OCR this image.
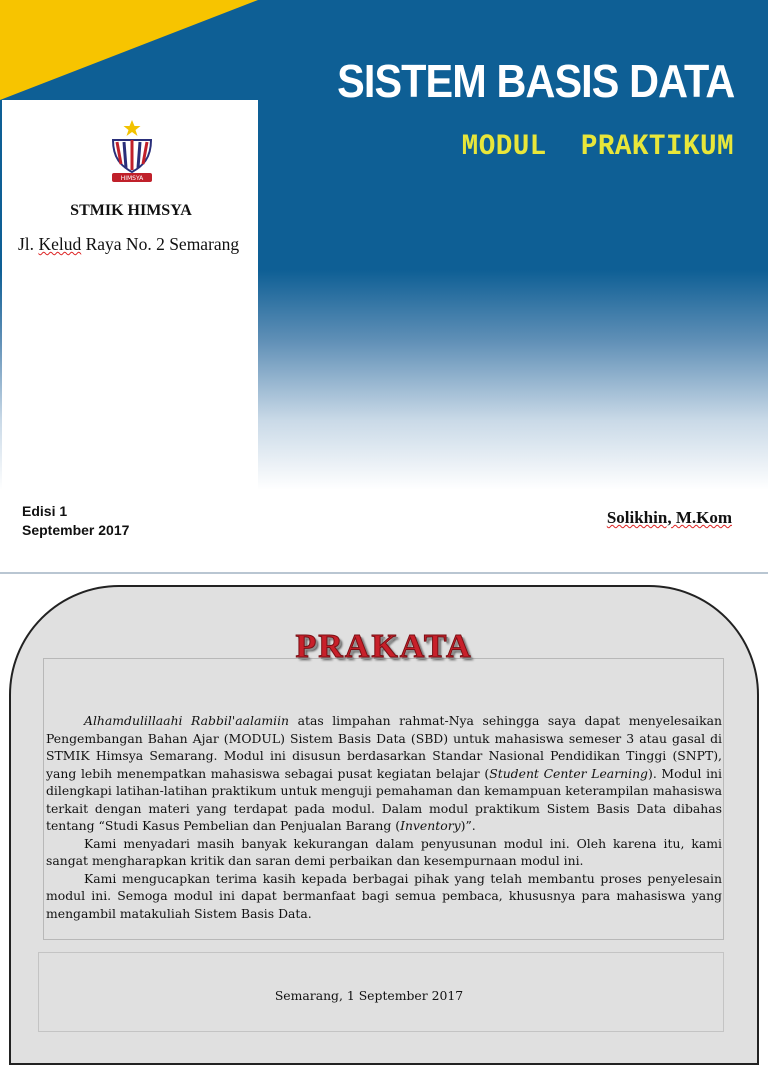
HIMSYA
STMIK HIMSYA
Jl. Kelud Raya No. 2 Semarang
SISTEM BASIS DATA
MODUL  PRAKTIKUM
Edisi 1
September 2017
Solikhin, M.Kom
PRAKATA

Alhamdulillaahi Rabbil'aalamiin atas limpahan rahmat-Nya sehingga saya dapat menyelesaikan Pengembangan Bahan Ajar (MODUL) Sistem Basis Data (SBD) untuk mahasiswa semeser 3 atau gasal di STMIK Himsya Semarang. Modul ini disusun berdasarkan Standar Nasional Pendidikan Tinggi (SNPT), yang lebih menempatkan mahasiswa sebagai pusat kegiatan belajar (Student Center Learning). Modul ini dilengkapi latihan-latihan praktikum untuk menguji pemahaman dan kemampuan keterampilan mahasiswa terkait dengan materi yang terdapat pada modul. Dalam modul praktikum Sistem Basis Data dibahas tentang “Studi Kasus Pembelian dan Penjualan Barang (Inventory)”.

Kami menyadari masih banyak kekurangan dalam penyusunan modul ini. Oleh karena itu, kami sangat mengharapkan kritik dan saran demi perbaikan dan kesempurnaan modul ini.

Kami mengucapkan terima kasih kepada berbagai pihak yang telah membantu proses penyelesain modul ini. Semoga modul ini dapat bermanfaat bagi semua pembaca, khususnya para mahasiswa yang mengambil matakuliah Sistem Basis Data.

Semarang, 1 September 2017
